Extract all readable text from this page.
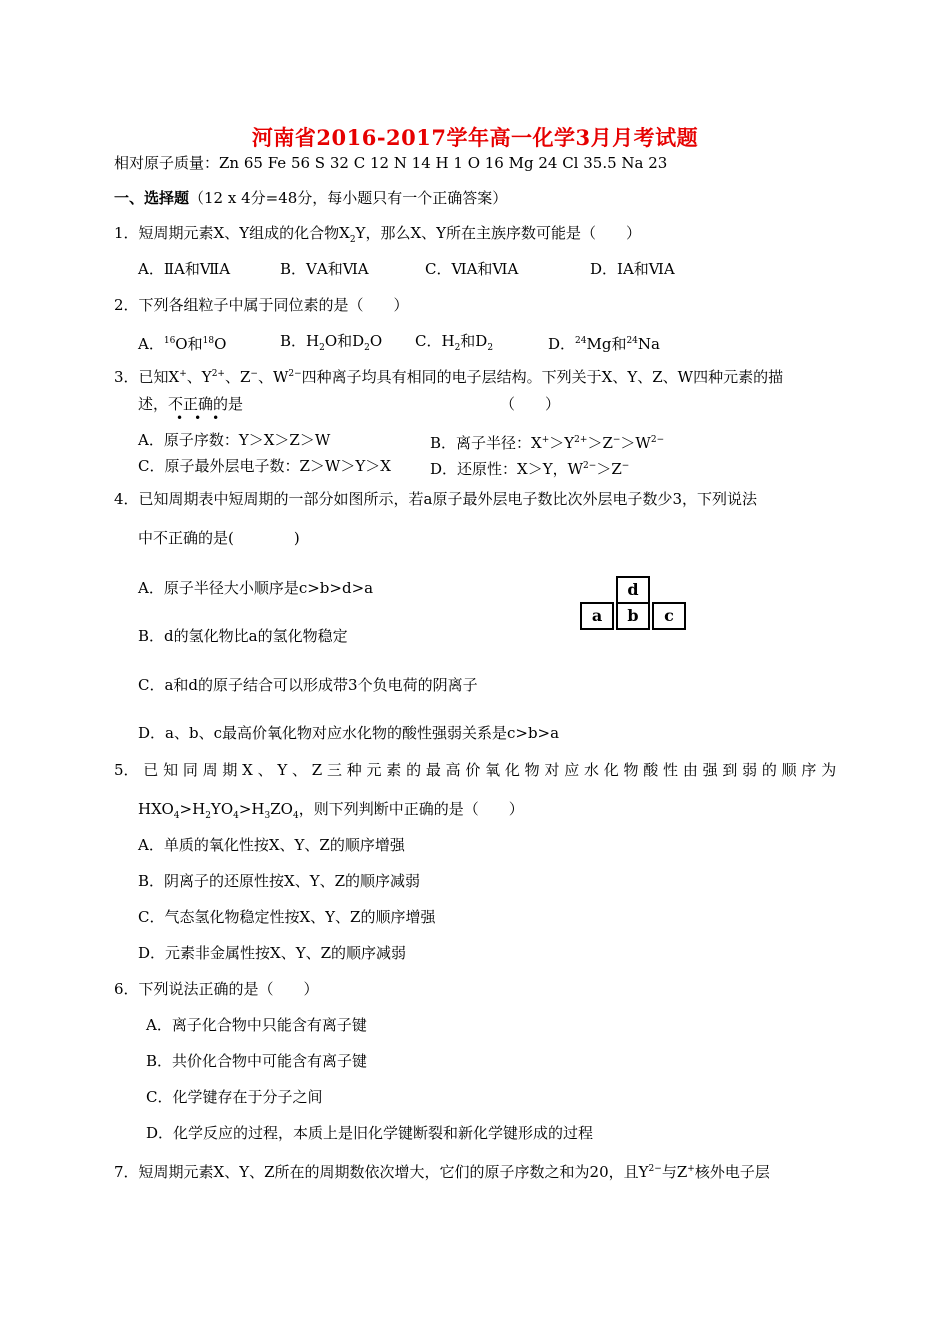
河南省2016-2017学年高一化学3月月考试题
相对原子质量：Zn 65 Fe 56 S 32 C 12 N 14 H 1 O 16 Mg 24 Cl 35.5 Na 23
一、选择题（12 x 4分=48分，每小题只有一个正确答案）
1．短周期元素X、Y组成的化合物$X_2Y$，那么X、Y所在主族序数可能是（　　）
A．ⅡA和ⅦA	B．ⅤA和ⅥA	C．ⅥA和ⅥA	D．ⅠA和ⅥA
2．下列各组粒子中属于同位素的是（　　）
A．$^{16}$O和$^{18}$O	B．$H_2O$和$D_2O$ C．$H_2$和$D_2$	D．$^{24}$Mg和$^{24}$Na
3．已知X+、$Y^{2+}$、Z−、$W^{2-}$四种离子均具有相同的电子层结构。下列关于X、Y、Z、W四种元素的描
述，不正确的是	（　　）
•••
A．原子序数：Y＞X＞Z＞W	B．离子半径：$X^+>Y^{2+}>Z^->W^{2-}$
C．原子最外层电子数：Z＞W＞Y＞X	D．还原性：X＞Y，$W^{2-}>Z^-$
4．已知周期表中短周期的一部分如图所示，若a原子最外层电子数比次外层电子数少3，下列说法
中不正确的是(　　　　)
A．原子半径大小顺序是c>b>d>a
B．d的氢化物比a的氢化物稳定
C．a和d的原子结合可以形成带3个负电荷的阴离子
D．a、b、c最高价氧化物对应水化物的酸性强弱关系是c>b>a
d
a	b	c
5． 已 知 同 周 期 X 、 Y 、 Z 三 种 元 素 的 最 高 价 氧 化 物 对 应 水 化 物 酸 性 由 强 到 弱 的 顺 序 为
$HXO_4>H_2YO_4>H_3ZO_4$，则下列判断中正确的是（　　）
A．单质的氧化性按X、Y、Z的顺序增强
B．阴离子的还原性按X、Y、Z的顺序减弱
C．气态氢化物稳定性按X、Y、Z的顺序增强
D．元素非金属性按X、Y、Z的顺序减弱
6．下列说法正确的是（　　）
A．离子化合物中只能含有离子键
B．共价化合物中可能含有离子键
C．化学键存在于分子之间
D．化学反应的过程，本质上是旧化学键断裂和新化学键形成的过程
7．短周期元素X、Y、Z所在的周期数依次增大，它们的原子序数之和为20，且$Y^{2-}$与Z+核外电子层
